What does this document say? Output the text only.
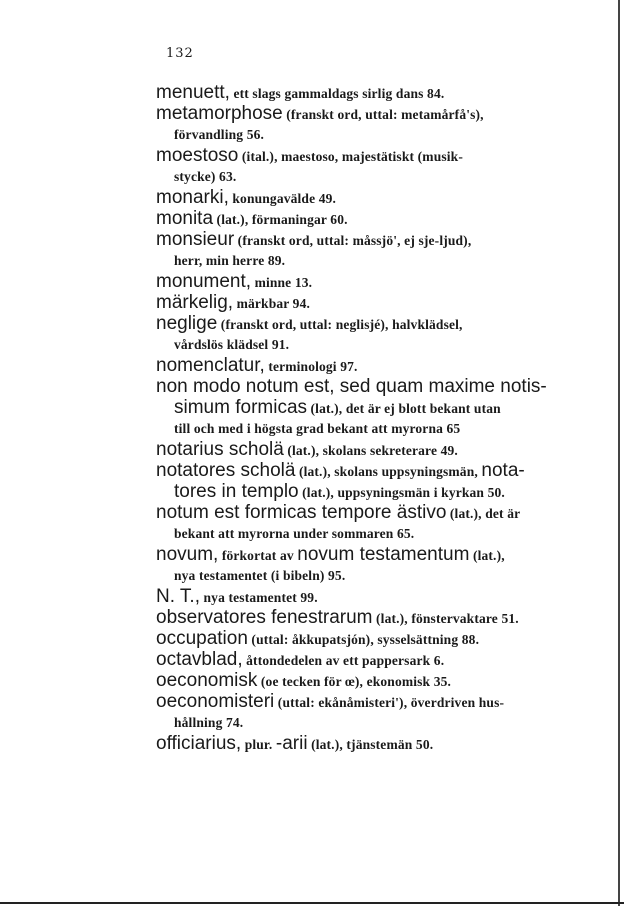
132
menuett, ett slags gammaldags sirlig dans 84.
metamorphose (franskt ord, uttal: metamårfå's),
förvandling 56.
moestoso (ital.), maestoso, majestätiskt (musik-
stycke) 63.
monarki, konungavälde 49.
monita (lat.), förmaningar 60.
monsieur (franskt ord, uttal: måssjö', ej sje-ljud),
herr, min herre 89.
monument, minne 13.
märkelig, märkbar 94.
neglige (franskt ord, uttal: neglisjé), halvklädsel,
vårdslös klädsel 91.
nomenclatur, terminologi 97.
non modo notum est, sed quam maxime notis-
simum formicas (lat.), det är ej blott bekant utan
till och med i högsta grad bekant att myrorna 65
notarius scholä (lat.), skolans sekreterare 49.
notatores scholä (lat.), skolans uppsyningsmän, nota-
tores in templo (lat.), uppsyningsmän i kyrkan 50.
notum est formicas tempore ästivo (lat.), det är
bekant att myrorna under sommaren 65.
novum, förkortat av novum testamentum (lat.),
nya testamentet (i bibeln) 95.
N. T., nya testamentet 99.
observatores fenestrarum (lat.), fönstervaktare 51.
occupation (uttal: åkkupatsjón), sysselsättning 88.
octavblad, åttondedelen av ett pappersark 6.
oeconomisk (oe tecken för œ), ekonomisk 35.
oeconomisteri (uttal: ekånåmisteri'), överdriven hus-
hållning 74.
officiarius, plur. -arii (lat.), tjänstemän 50.
